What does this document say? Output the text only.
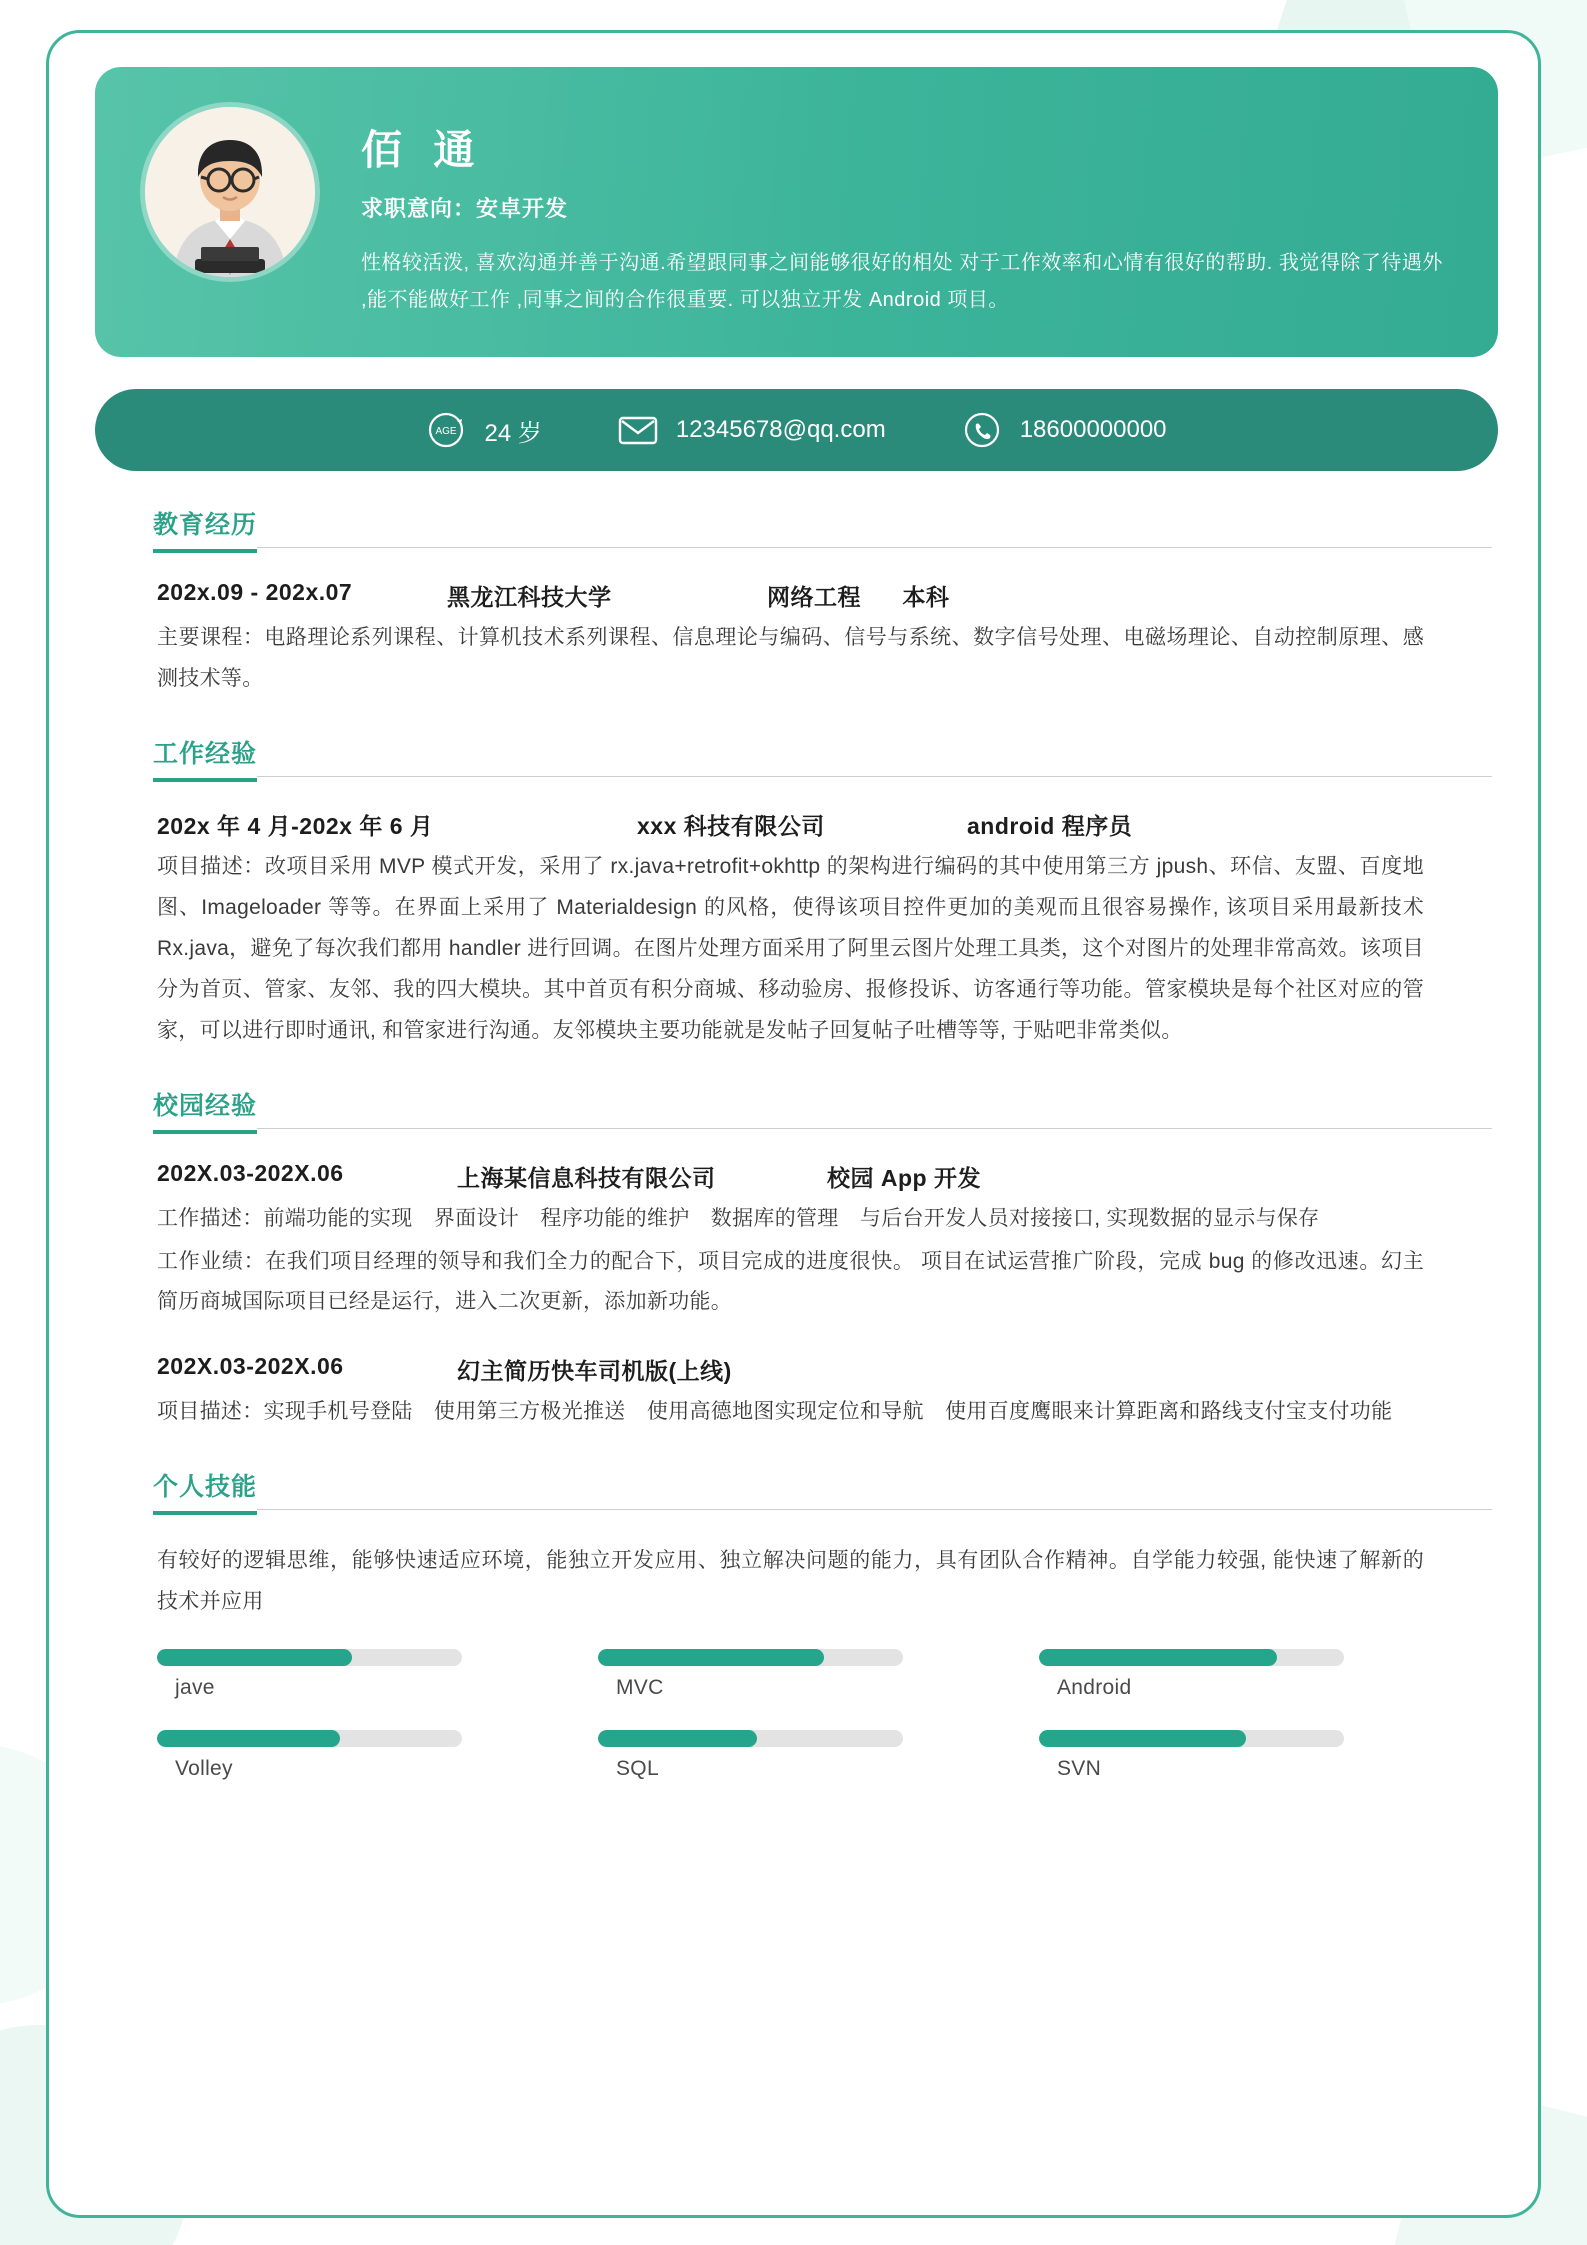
佰 通
求职意向：安卓开发
性格较活泼, 喜欢沟通并善于沟通.希望跟同事之间能够很好的相处 对于工作效率和心情有很好的帮助. 我觉得除了待遇外 ,能不能做好工作 ,同事之间的合作很重要. 可以独立开发 Android 项目。
AGE 24 岁	12345678@qq.com	18600000000
教育经历
202x.09 - 202x.07	黑龙江科技大学	网络工程 本科
主要课程：电路理论系列课程、计算机技术系列课程、信息理论与编码、信号与系统、数字信号处理、电磁场理论、自动控制原理、感测技术等。
工作经验
202x 年 4 月-202x 年 6 月	xxx 科技有限公司	android 程序员
项目描述：改项目采用 MVP 模式开发，采用了 rx.java+retrofit+okhttp 的架构进行编码的其中使用第三方 jpush、环信、友盟、百度地图、Imageloader 等等。在界面上采用了 Materialdesign 的风格，使得该项目控件更加的美观而且很容易操作, 该项目采用最新技术 Rx.java，避免了每次我们都用 handler 进行回调。在图片处理方面采用了阿里云图片处理工具类，这个对图片的处理非常高效。该项目分为首页、管家、友邻、我的四大模块。其中首页有积分商城、移动验房、报修投诉、访客通行等功能。管家模块是每个社区对应的管家，可以进行即时通讯, 和管家进行沟通。友邻模块主要功能就是发帖子回复帖子吐槽等等, 于贴吧非常类似。
校园经验
202X.03-202X.06	上海某信息科技有限公司	校园 App 开发
工作描述：前端功能的实现　界面设计　程序功能的维护　数据库的管理　与后台开发人员对接接口, 实现数据的显示与保存
工作业绩：在我们项目经理的领导和我们全力的配合下，项目完成的进度很快。 项目在试运营推广阶段，完成 bug 的修改迅速。幻主简历商城国际项目已经是运行，进入二次更新，添加新功能。
202X.03-202X.06	幻主简历快车司机版(上线)
项目描述：实现手机号登陆　使用第三方极光推送　使用高德地图实现定位和导航　使用百度鹰眼来计算距离和路线支付宝支付功能
个人技能
有较好的逻辑思维，能够快速适应环境，能独立开发应用、独立解决问题的能力，具有团队合作精神。自学能力较强, 能快速了解新的技术并应用
jave	MVC	Android
Volley	SQL	SVN
